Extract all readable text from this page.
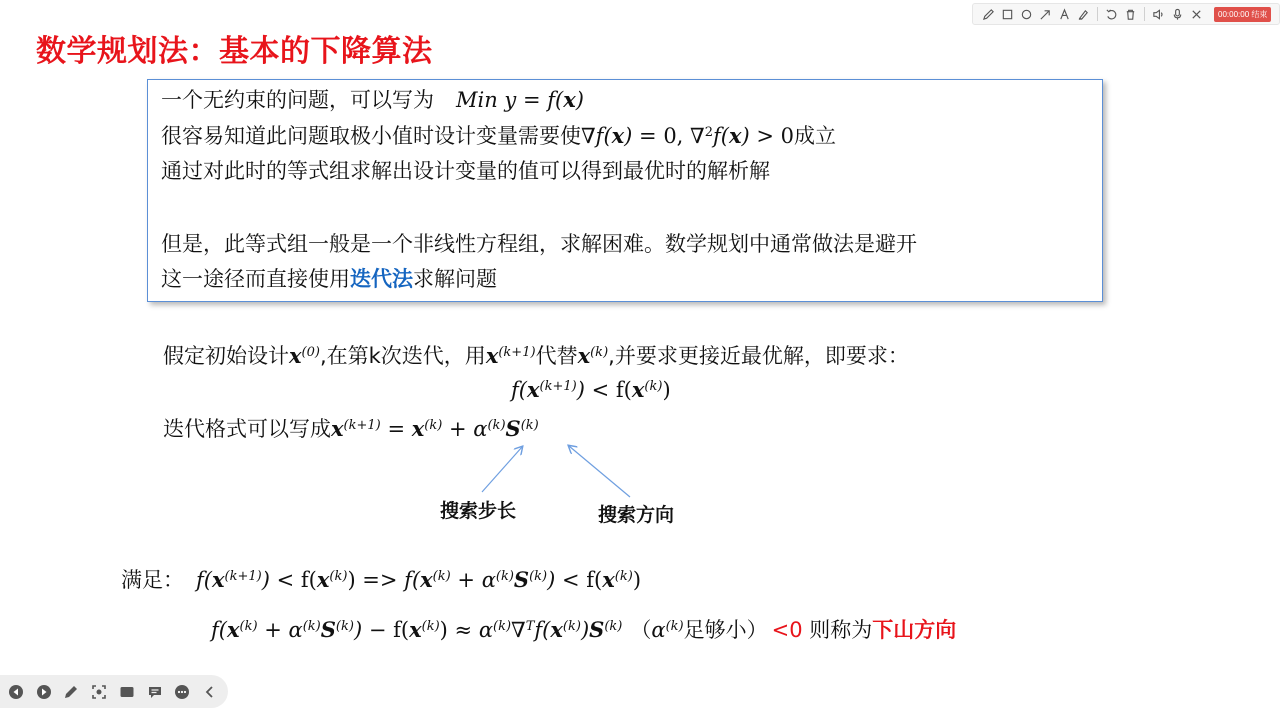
00:00:00 结束
数学规划法：基本的下降算法
一个无约束的问题，可以写为 Min y = f(x)
很容易知道此问题取极小值时设计变量需要使∇f(x) = 0, ∇$^2$f(x) > 0成立
通过对此时的等式组求解出设计变量的值可以得到最优时的解析解
但是，此等式组一般是一个非线性方程组，求解困难。数学规划中通常做法是避开
这一途径而直接使用迭代法求解问题
假定初始设计$x^{(0)}$,在第k次迭代，用$x^{(k+1)}$代替$x^{(k)}$,并要求更接近最优解，即要求：
$f(x^{(k+1)}) < f(x^{(k)})$
迭代格式可以写成$x^{(k+1)} = x^{(k)} + \alpha^{(k)}S^{(k)}$
搜索步长	搜索方向
满足： $f(x^{(k+1)}) < f(x^{(k)}) => f(x^{(k)} + \alpha^{(k)}S^{(k)}) < f(x^{(k)})$
$f(x^{(k)} + \alpha^{(k)}S^{(k)}) - f(x^{(k)}) \approx \alpha^{(k)}\nabla^Tf(x^{(k)})S^{(k)}$ （$\alpha^{(k)}$足够小） <0 则称为下山方向
